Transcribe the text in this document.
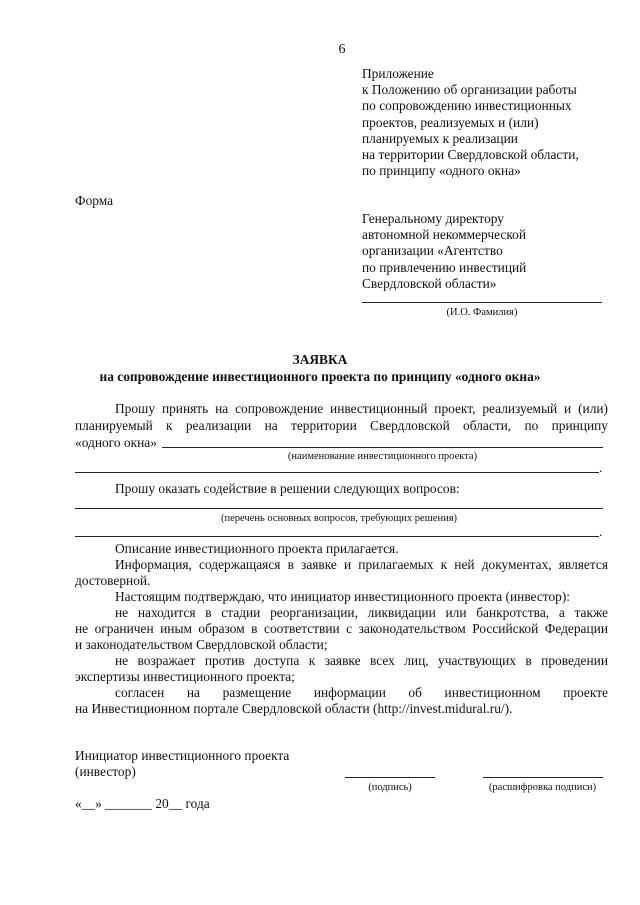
6
Приложение
к Положению об организации работы
по сопровождению инвестиционных
проектов, реализуемых и (или)
планируемых к реализации
на территории Свердловской области,
по принципу «одного окна»
Форма
Генеральному директору
автономной некоммерческой
организации «Агентство
по привлечению инвестиций
Свердловской области»
(И.О. Фамилия)
ЗАЯВКА
на сопровождение инвестиционного проекта по принципу «одного окна»
Прошу принять на сопровождение инвестиционный проект, реализуемый и (или)
планируемый к реализации на территории Свердловской области, по принципу
«одного окна»
(наименование инвестиционного проекта)
.
Прошу оказать содействие в решении следующих вопросов:
(перечень основных вопросов, требующих решения)
.
Описание инвестиционного проекта прилагается.
Информация, содержащаяся в заявке и прилагаемых к ней документах, является
достоверной.
Настоящим подтверждаю, что инициатор инвестиционного проекта (инвестор):
не находится в стадии реорганизации, ликвидации или банкротства, а также
не ограничен иным образом в соответствии с законодательством Российской Федерации
и законодательством Свердловской области;
не возражает против доступа к заявке всех лиц, участвующих в проведении
экспертизы инвестиционного проекта;
согласен на размещение информации об инвестиционном проекте
на Инвестиционном портале Свердловской области (http://invest.midural.ru/).
Инициатор инвестиционного проекта
(инвестор)
(подпись)	(расшифровка подписи)
«__» _______ 20__ года
